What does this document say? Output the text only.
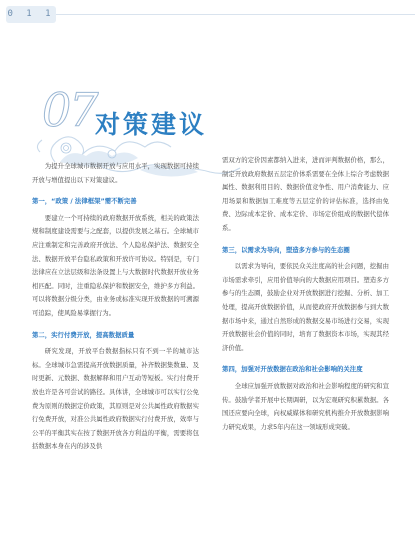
0 1 1
07
对策建议

为提升全球城市数据开放与应用水平，实现数据可持续开放与增值提出以下对策建议。

第一，“政策 / 法律框架”需不断完善

要建立一个可持续的政府数据开放系统，相关的政策法规和制度建设需要与之配套，以提供发展之基石。全球城市应注重制定和完善政府开放法、个人隐私保护法、数据安全法、数据开放平台隐私政策和开放许可协议。特别是，专门法律应在立法层级和法条设置上与大数据时代数据开放业务相匹配。同时，注重隐私保护和数据安全，维护多方利益。可以将数据分级分类，由业务或标准实现开放数据的可溯源可追踪，使风险易掌握行为。

第二，实行付费开放，提高数据质量

研究发现，开放平台数据指标只有不到一半的城市达标。全球城市急需提高开放数据质量，补齐数据集数量、及时更新、元数据、数据解释和用户互动等短板。实行付费开放也许是各可尝试的路径。具体讲，全球城市可以实行公免费为原则的数据定价政策，其原则是对公共属性政府数据实行免费开放，对准公共属性政府数据实行付费开放，效率与公平的平衡其实在按了数据开放各方利益的平衡，需要将包括数据本身在内的涉及供

需双方的定价因素都纳入进来，进而评判数据价格，那么，制定开放政府数据五层定价体系需要在全体上综合考虑数据属性、数据利用目的、数据价值竞争性、用户消费能力、应用场景和数据加工难度等五层定价的评估标准，选择由免费、边际成本定价、成本定价、市场定价组成的数据代偿体系。

第三，以需求为导向，塑造多方参与的生态圈

以需求为导向，要依民众关注度高的社会问题，挖掘由市场需求牵引，应用价值导向的大数据应用项目。塑造多方参与的生态圈，鼓励企业对开放数据进行挖掘、分析、加工处理，提高开放数据价值，从而使政府开放数据参与到大数据市场中来，通过自然形成的数据交易市场进行交易，实现开放数据社会价值的同时，培育了数据资本市场，实现其经济价值。

第四，加强对开放数据在政治和社会影响的关注度

全球应加强开放数据对政治和社会影响程度的研究和宣传。鼓励学者开展中长期调研，以为宏观研究积累数据。各国还应要向全球，向权威媒体和研究机构推介开放数据影响力研究成果，力求5年内在这一领域形成突破。
